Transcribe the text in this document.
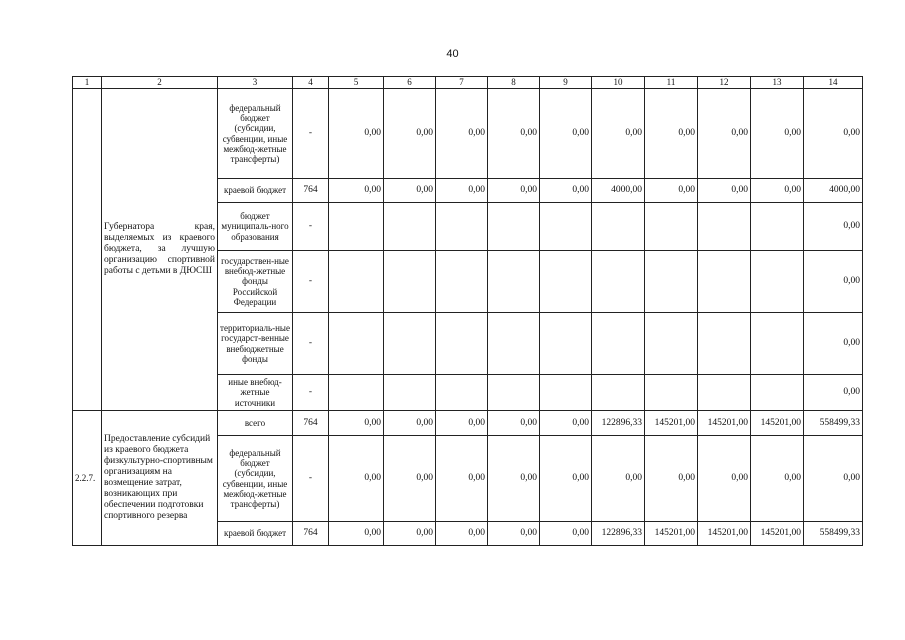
40
1	2	3	4	5	6	7	8	9	10	11	12	13	14
	Губернатора края, выделяемых из краевого бюджета, за лучшую организацию спортивной работы с детьми в ДЮСШ	федеральный бюджет (субсидии, субвенции, иные межбюд-жетные трансферты)	-	0,00	0,00	0,00	0,00	0,00	0,00	0,00	0,00	0,00	0,00
		краевой бюджет	764	0,00	0,00	0,00	0,00	0,00	4000,00	0,00	0,00	0,00	4000,00
		бюджет муниципаль-ного образования	-										0,00
		государствен-ные внебюд-жетные фонды Российской Федерации	-										0,00
		территориаль-ные государст-венные внебюджетные фонды	-										0,00
		иные внебюд-жетные источники	-										0,00
2.2.7.	Предоставление субсидий из краевого бюджета физкультурно-спортивным организациям на возмещение затрат, возникающих при обеспечении подготовки спортивного резерва	всего	764	0,00	0,00	0,00	0,00	0,00	122896,33	145201,00	145201,00	145201,00	558499,33
		федеральный бюджет (субсидии, субвенции, иные межбюд-жетные трансферты)	-	0,00	0,00	0,00	0,00	0,00	0,00	0,00	0,00	0,00	0,00
		краевой бюджет	764	0,00	0,00	0,00	0,00	0,00	122896,33	145201,00	145201,00	145201,00	558499,33
